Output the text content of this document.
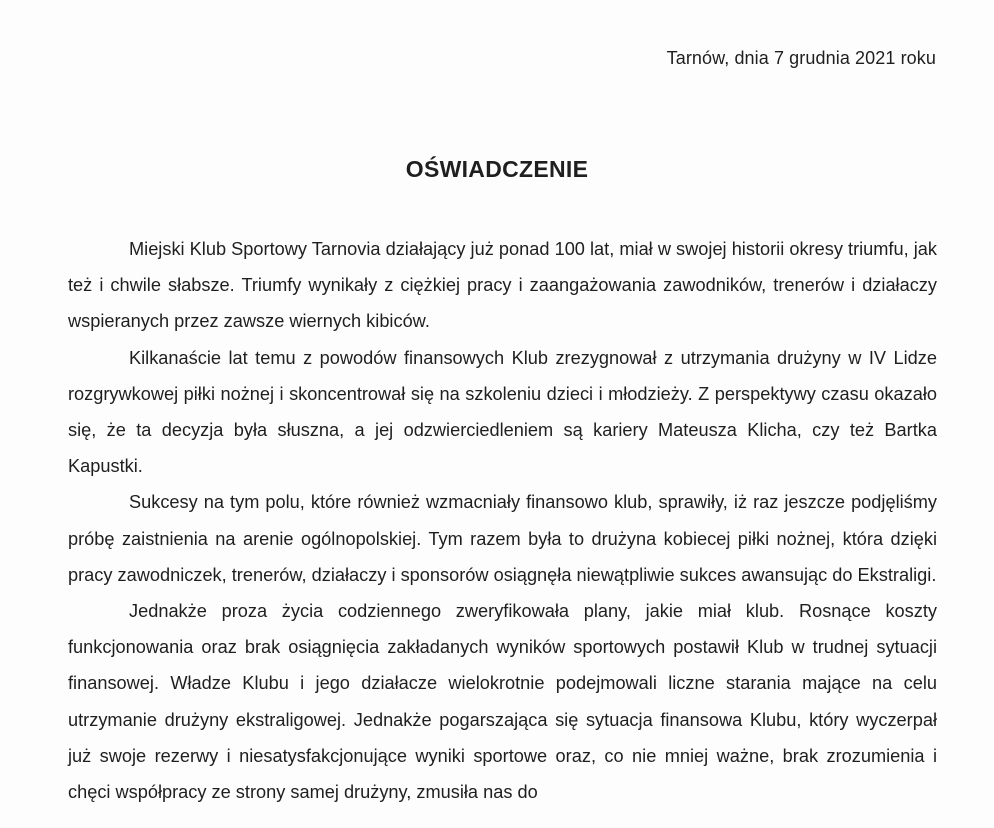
Tarnów, dnia 7 grudnia 2021 roku
OŚWIADCZENIE

Miejski Klub Sportowy Tarnovia działający już ponad 100 lat, miał w swojej historii okresy triumfu, jak też i chwile słabsze. Triumfy wynikały z ciężkiej pracy i zaangażowania zawodników, trenerów i działaczy wspieranych przez zawsze wiernych kibiców.

Kilkanaście lat temu z powodów finansowych Klub zrezygnował z utrzymania drużyny w IV Lidze rozgrywkowej piłki nożnej i skoncentrował się na szkoleniu dzieci i młodzieży. Z perspektywy czasu okazało się, że ta decyzja była słuszna, a jej odzwierciedleniem są kariery Mateusza Klicha, czy też Bartka Kapustki.

Sukcesy na tym polu, które również wzmacniały finansowo klub, sprawiły, iż raz jeszcze podjęliśmy próbę zaistnienia na arenie ogólnopolskiej. Tym razem była to drużyna kobiecej piłki nożnej, która dzięki pracy zawodniczek, trenerów, działaczy i sponsorów osiągnęła niewątpliwie sukces awansując do Ekstraligi.

Jednakże proza życia codziennego zweryfikowała plany, jakie miał klub. Rosnące koszty funkcjonowania oraz brak osiągnięcia zakładanych wyników sportowych postawił Klub w trudnej sytuacji finansowej. Władze Klubu i jego działacze wielokrotnie podejmowali liczne starania mające na celu utrzymanie drużyny ekstraligowej. Jednakże pogarszająca się sytuacja finansowa Klubu, który wyczerpał już swoje rezerwy i niesatysfakcjonujące wyniki sportowe oraz, co nie mniej ważne, brak zrozumienia i chęci współpracy ze strony samej drużyny, zmusiła nas do
